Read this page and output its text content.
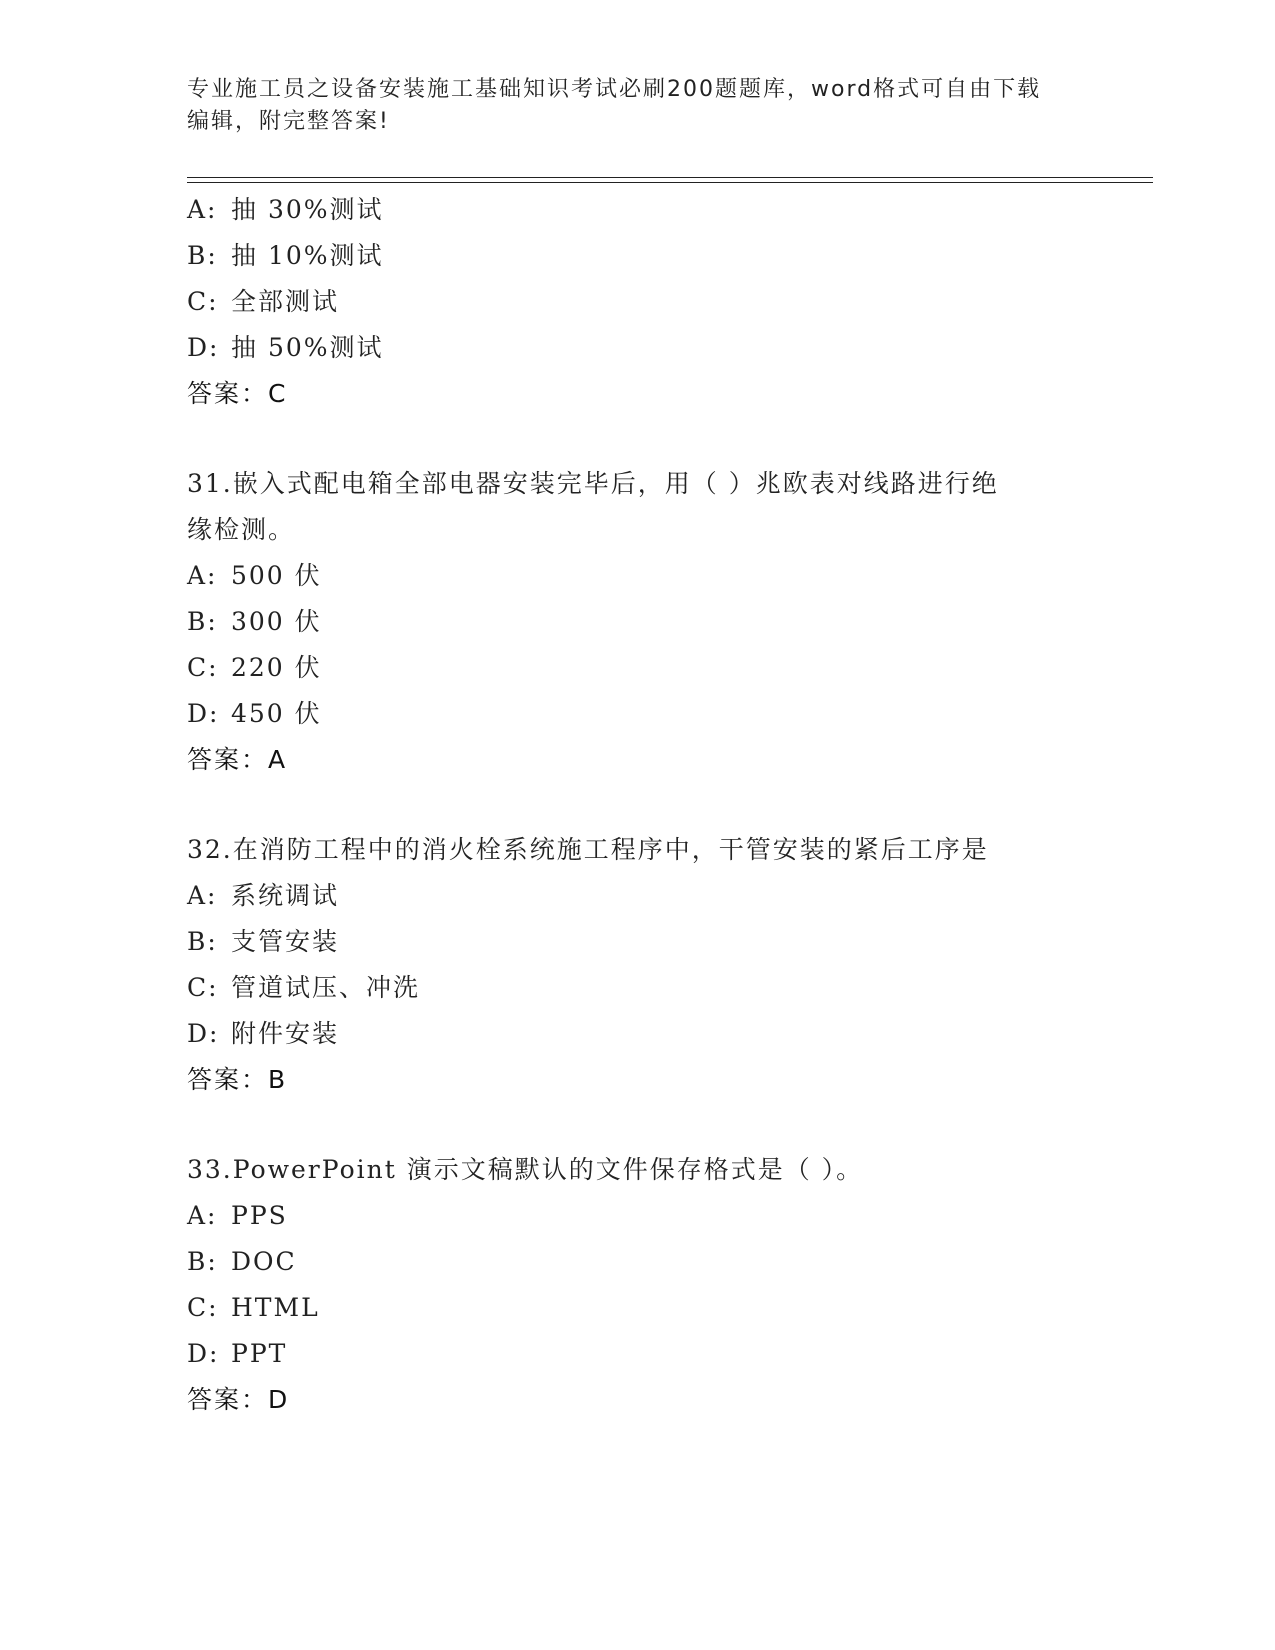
专业施工员之设备安装施工基础知识考试必刷200题题库，word格式可自由下载
编辑，附完整答案!
A: 抽 30%测试
B: 抽 10%测试
C: 全部测试
D: 抽 50%测试
答案：C
31.嵌入式配电箱全部电器安装完毕后，用（ ）兆欧表对线路进行绝
缘检测。
A: 500 伏
B: 300 伏
C: 220 伏
D: 450 伏
答案：A
32.在消防工程中的消火栓系统施工程序中，干管安装的紧后工序是
A: 系统调试
B: 支管安装
C: 管道试压、冲洗
D: 附件安装
答案：B
33.PowerPoint 演示文稿默认的文件保存格式是（ ）。
A: PPS
B: DOC
C: HTML
D: PPT
答案：D
